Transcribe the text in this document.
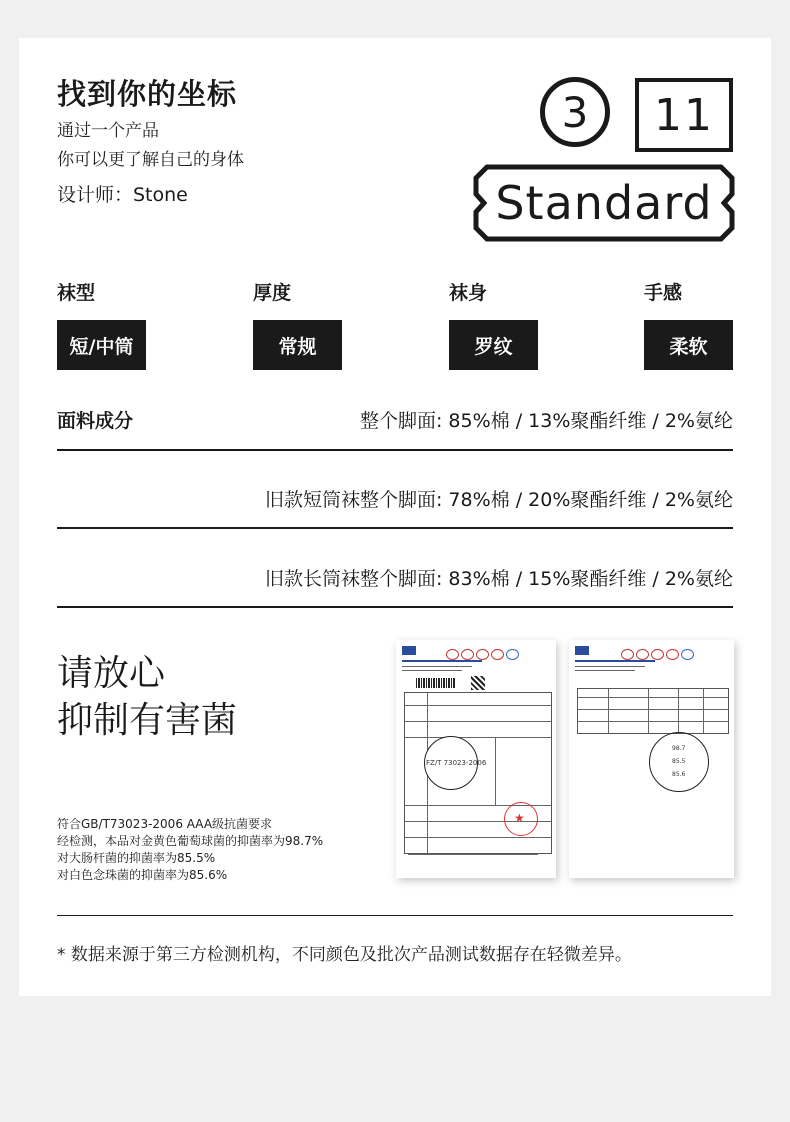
找到你的坐标
通过一个产品
你可以更了解自己的身体
设计师：Stone
3	11
Standard
袜型
短/中筒
厚度
常规
袜身
罗纹
手感
柔软
面料成分	整个脚面: 85%棉 / 13%聚酯纤维 / 2%氨纶
旧款短筒袜整个脚面: 78%棉 / 20%聚酯纤维 / 2%氨纶
旧款长筒袜整个脚面: 83%棉 / 15%聚酯纤维 / 2%氨纶
请放心
抑制有害菌
符合GB/T73023-2006 AAA级抗菌要求
经检测，本品对金黄色葡萄球菌的抑菌率为98.7%
对大肠杆菌的抑菌率为85.5%
对白色念珠菌的抑菌率为85.6%
FZ/T 73023-2006
★
98.7
85.5
85.6
* 数据来源于第三方检测机构，不同颜色及批次产品测试数据存在轻微差异。
